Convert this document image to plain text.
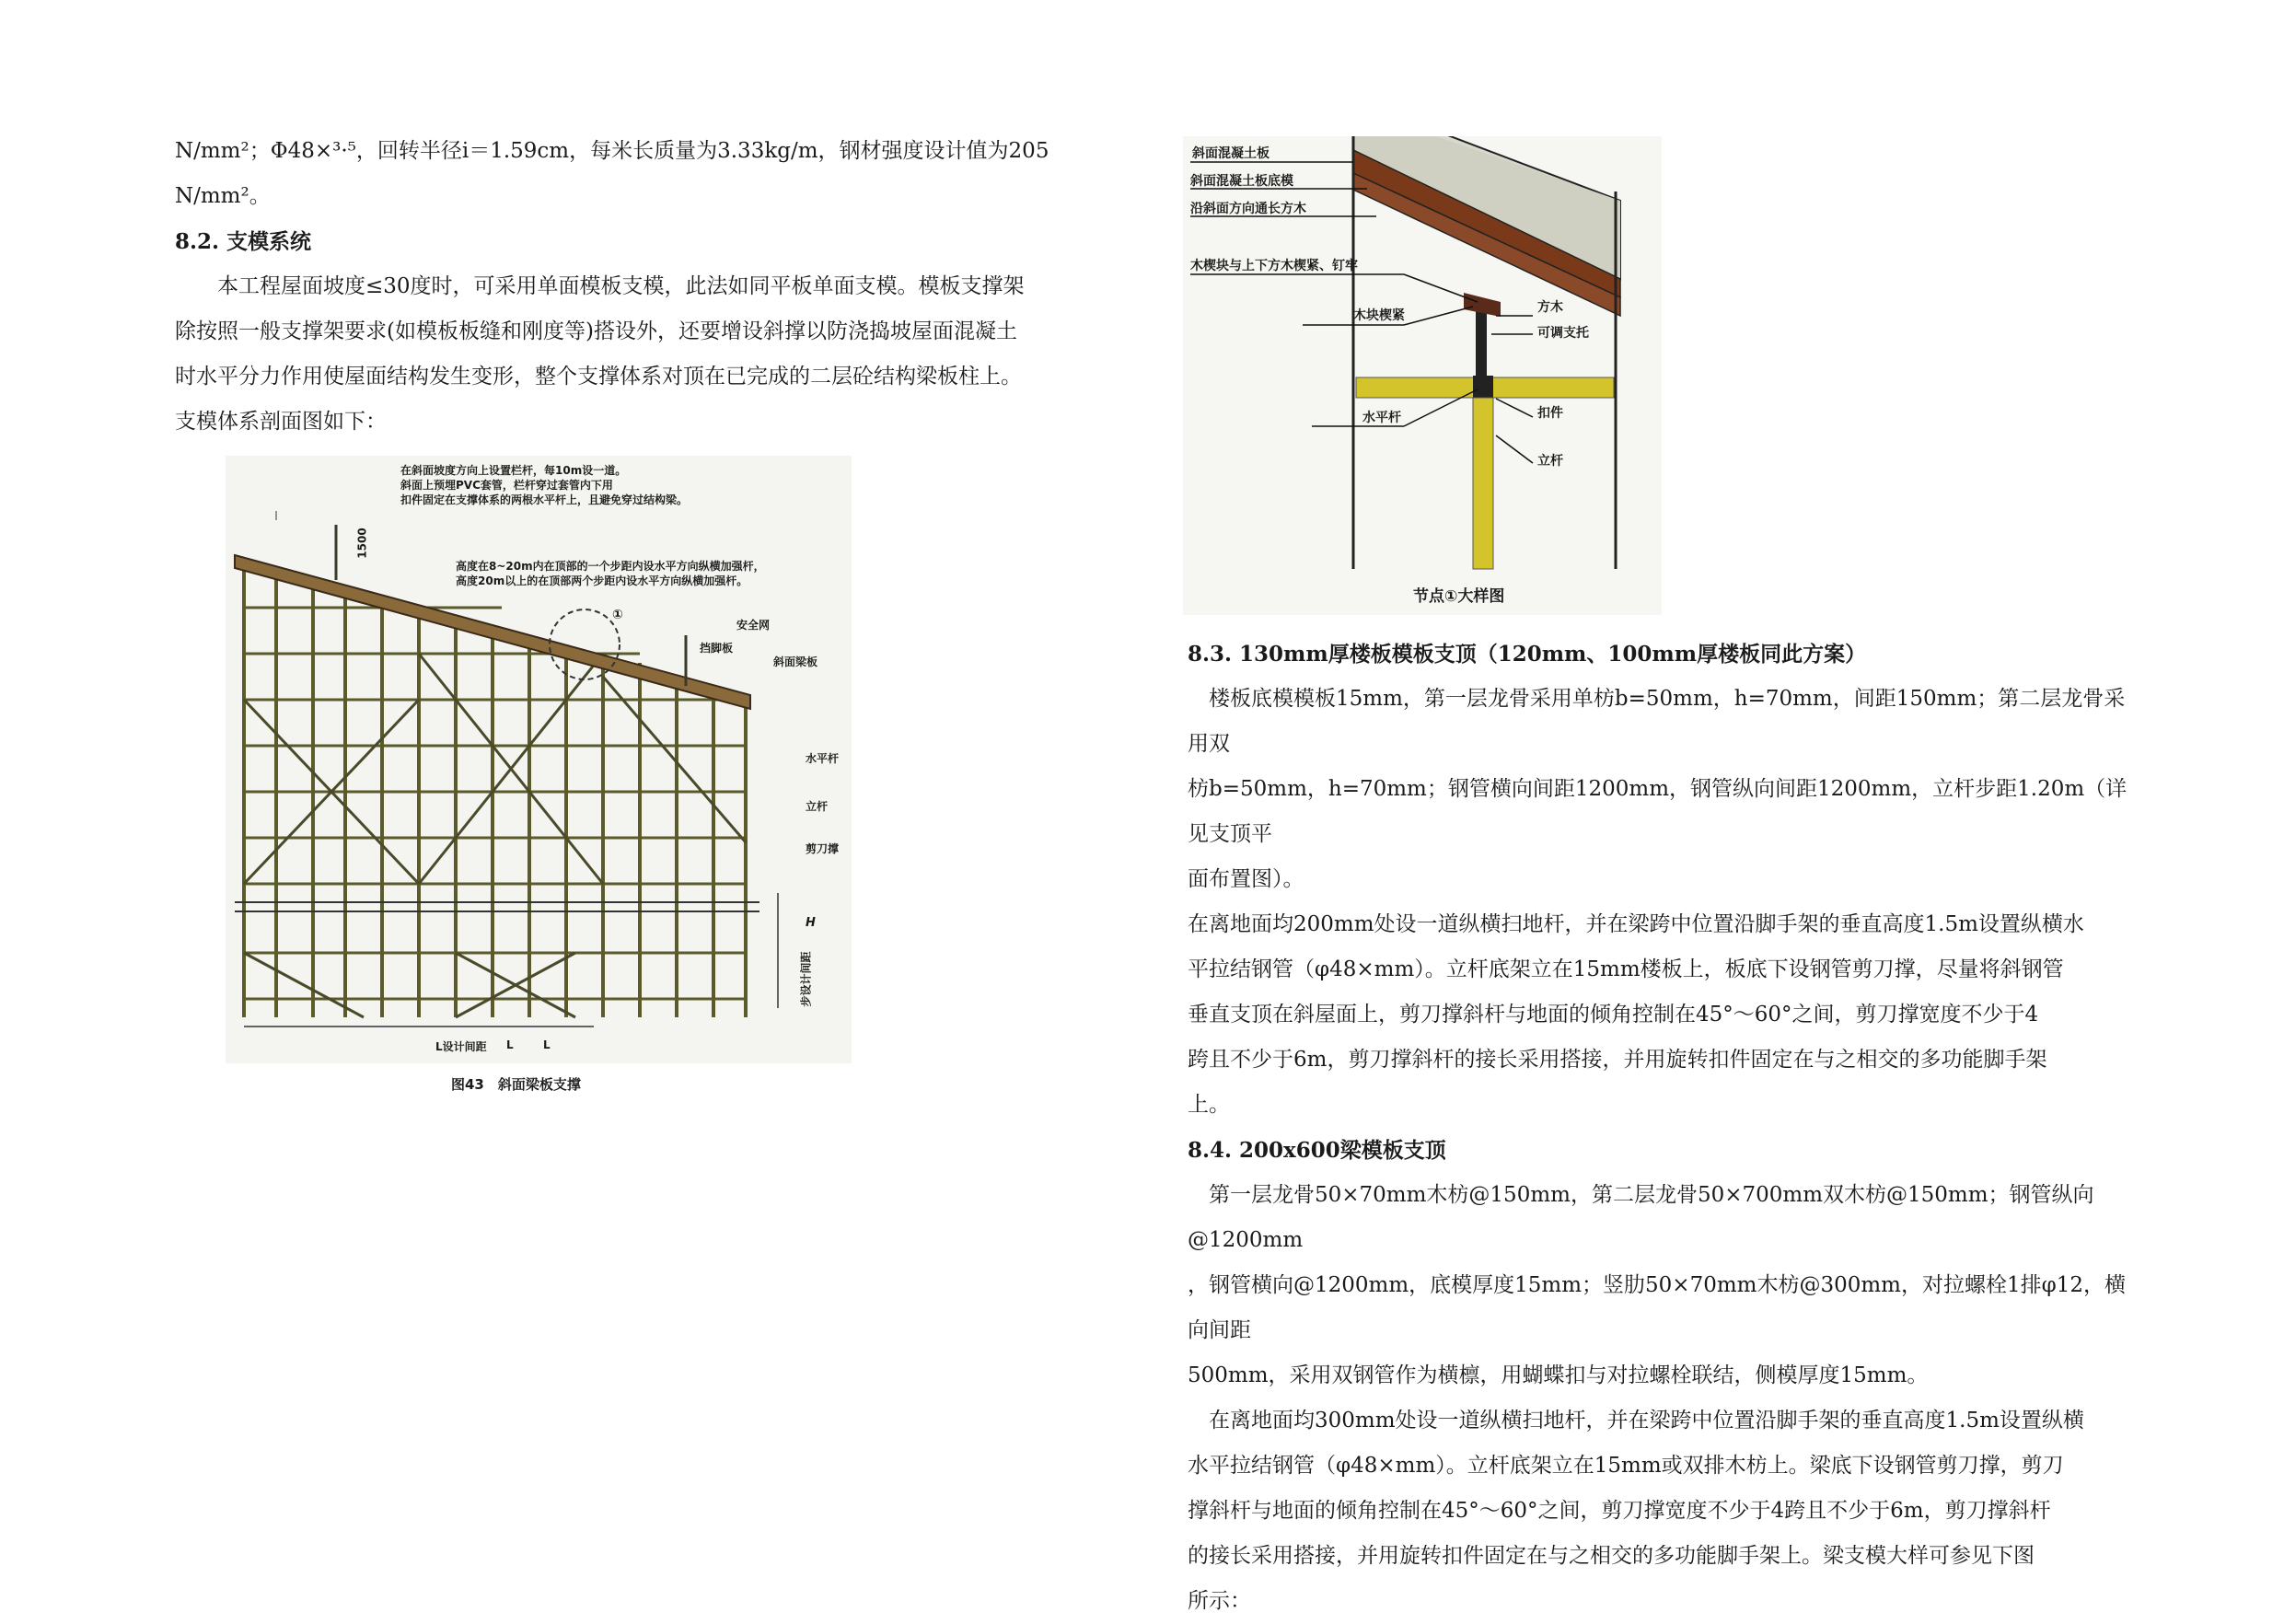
N/mm²；Φ48×³·⁵，回转半径i＝1.59cm，每米长质量为3.33kg/m，钢材强度设计值为205

N/mm²。

8.2. 支模系统

　　本工程屋面坡度≤30度时，可采用单面模板支模，此法如同平板单面支模。模板支撑架

除按照一般支撑架要求(如模板板缝和刚度等)搭设外，还要增设斜撑以防浇捣坡屋面混凝土

时水平分力作用使屋面结构发生变形，整个支撑体系对顶在已完成的二层砼结构梁板柱上。

支模体系剖面图如下：

在斜面坡度方向上设置栏杆，每10m设一道。
斜面上预埋PVC套管，栏杆穿过套管内下用
扣件固定在支撑体系的两根水平杆上，且避免穿过结构梁。
高度在8~20m内在顶部的一个步距内设水平方向纵横加强杆，
高度20m以上的在顶部两个步距内设水平方向纵横加强杆。
1500
①
安全网
挡脚板
斜面梁板
水平杆
立杆
剪刀撑
H
步设计间距
L设计间距 L	L
图43　斜面梁板支撑
斜面混凝土板
斜面混凝土板底模
沿斜面方向通长方木
木楔块与上下方木楔紧、钉牢
木块楔紧
方木
可调支托
水平杆	扣件
立杆
节点①大样图

8.3. 130mm厚楼板模板支顶（120mm、100mm厚楼板同此方案）

　楼板底模模板15mm，第一层龙骨采用单枋b=50mm，h=70mm，间距150mm；第二层龙骨采用双

枋b=50mm，h=70mm；钢管横向间距1200mm，钢管纵向间距1200mm，立杆步距1.20m（详见支顶平

面布置图）。

在离地面均200mm处设一道纵横扫地杆，并在梁跨中位置沿脚手架的垂直高度1.5m设置纵横水

平拉结钢管（φ48×mm）。立杆底架立在15mm楼板上，板底下设钢管剪刀撑，尽量将斜钢管

垂直支顶在斜屋面上，剪刀撑斜杆与地面的倾角控制在45°～60°之间，剪刀撑宽度不少于4

跨且不少于6m，剪刀撑斜杆的接长采用搭接，并用旋转扣件固定在与之相交的多功能脚手架

上。

8.4. 200x600梁模板支顶

　第一层龙骨50×70mm木枋@150mm，第二层龙骨50×700mm双木枋@150mm；钢管纵向@1200mm

，钢管横向@1200mm，底模厚度15mm；竖肋50×70mm木枋@300mm，对拉螺栓1排φ12，横向间距

500mm，采用双钢管作为横檩，用蝴蝶扣与对拉螺栓联结，侧模厚度15mm。

　在离地面均300mm处设一道纵横扫地杆，并在梁跨中位置沿脚手架的垂直高度1.5m设置纵横

水平拉结钢管（φ48×mm）。立杆底架立在15mm或双排木枋上。梁底下设钢管剪刀撑，剪刀

撑斜杆与地面的倾角控制在45°～60°之间，剪刀撑宽度不少于4跨且不少于6m，剪刀撑斜杆

的接长采用搭接，并用旋转扣件固定在与之相交的多功能脚手架上。梁支模大样可参见下图

所示：
